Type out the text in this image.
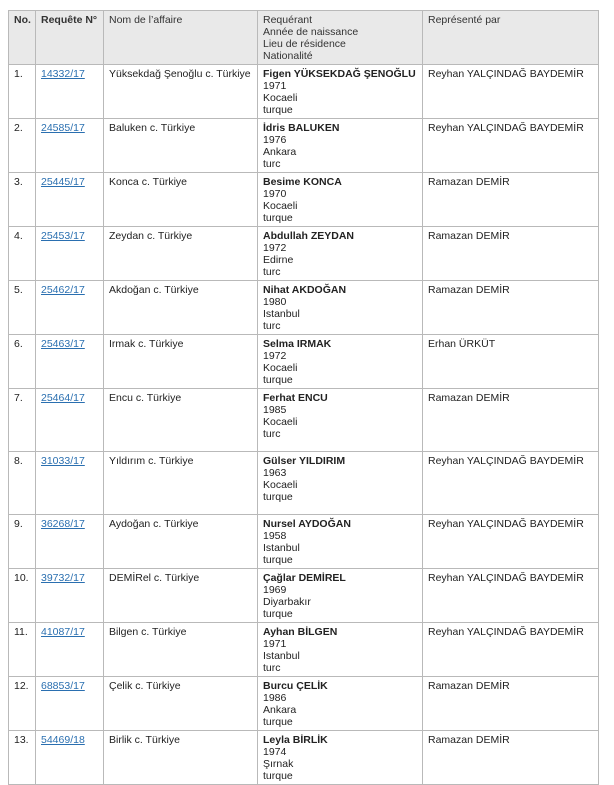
No.	Requête N°	Nom de l’affaire	Requérant
Année de naissance
Lieu de résidence
Nationalité	Représenté par
1.	14332/17	Yüksekdağ Şenoğlu c. Türkiye	Figen YÜKSEKDAĞ ŞENOĞLU
1971
Kocaeli
turque	Reyhan YALÇINDAĞ BAYDEMİR
2.	24585/17	Baluken c. Türkiye	İdris BALUKEN
1976
Ankara
turc	Reyhan YALÇINDAĞ BAYDEMİR
3.	25445/17	Konca c. Türkiye	Besime KONCA
1970
Kocaeli
turque	Ramazan DEMİR
4.	25453/17	Zeydan c. Türkiye	Abdullah ZEYDAN
1972
Edirne
turc	Ramazan DEMİR
5.	25462/17	Akdoğan c. Türkiye	Nihat AKDOĞAN
1980
Istanbul
turc	Ramazan DEMİR
6.	25463/17	Irmak c. Türkiye	Selma IRMAK
1972
Kocaeli
turque	Erhan ÜRKÜT
7.	25464/17	Encu c. Türkiye	Ferhat ENCU
1985
Kocaeli
turc	Ramazan DEMİR
8.	31033/17	Yıldırım c. Türkiye	Gülser YILDIRIM
1963
Kocaeli
turque	Reyhan YALÇINDAĞ BAYDEMİR
9.	36268/17	Aydoğan c. Türkiye	Nursel AYDOĞAN
1958
Istanbul
turque	Reyhan YALÇINDAĞ BAYDEMİR
10.	39732/17	DEMİRel c. Türkiye	Çağlar DEMİREL
1969
Diyarbakır
turque	Reyhan YALÇINDAĞ BAYDEMİR
11.	41087/17	Bilgen c. Türkiye	Ayhan BİLGEN
1971
Istanbul
turc	Reyhan YALÇINDAĞ BAYDEMİR
12.	68853/17	Çelik c. Türkiye	Burcu ÇELİK
1986
Ankara
turque	Ramazan DEMİR
13.	54469/18	Birlik c. Türkiye	Leyla BİRLİK
1974
Şırnak
turque	Ramazan DEMİR
